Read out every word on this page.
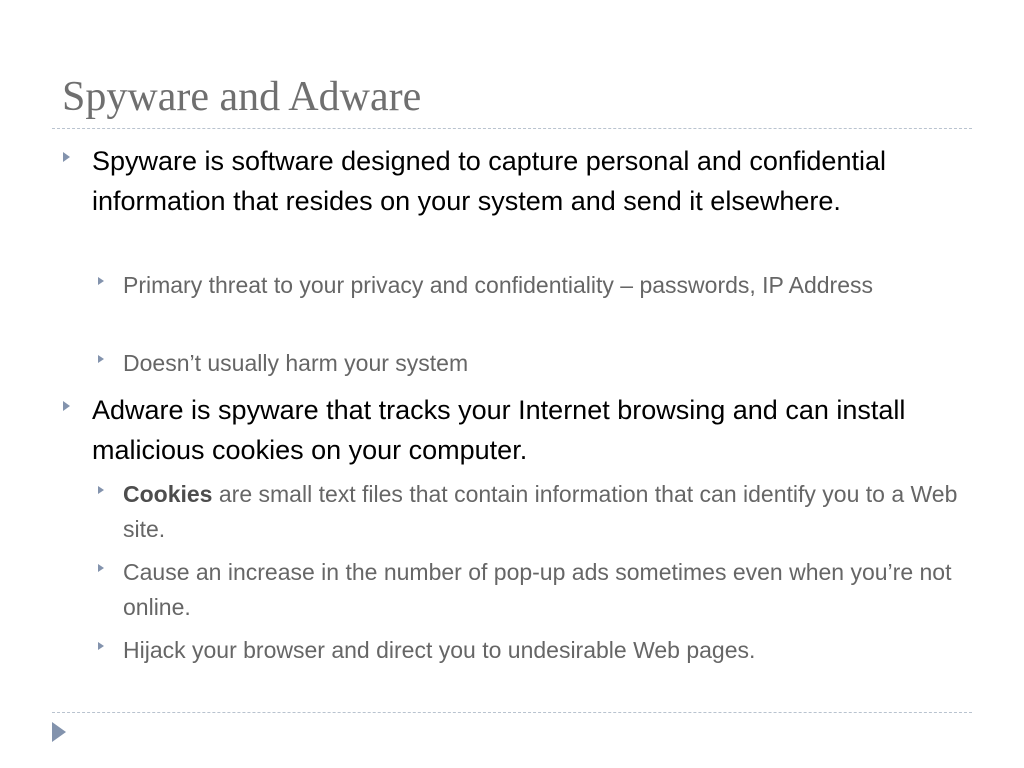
Spyware and Adware
Spyware is software designed to capture personal and confidential information that resides on your system and send it elsewhere.
Primary threat to your privacy and confidentiality – passwords, IP Address
Doesn’t usually harm your system
Adware is spyware that tracks your Internet browsing and can install malicious cookies on your computer.
Cookies are small text files that contain information that can identify you to a Web site.
Cause an increase in the number of pop-up ads sometimes even when you’re not online.
Hijack your browser and direct you to undesirable Web pages.
